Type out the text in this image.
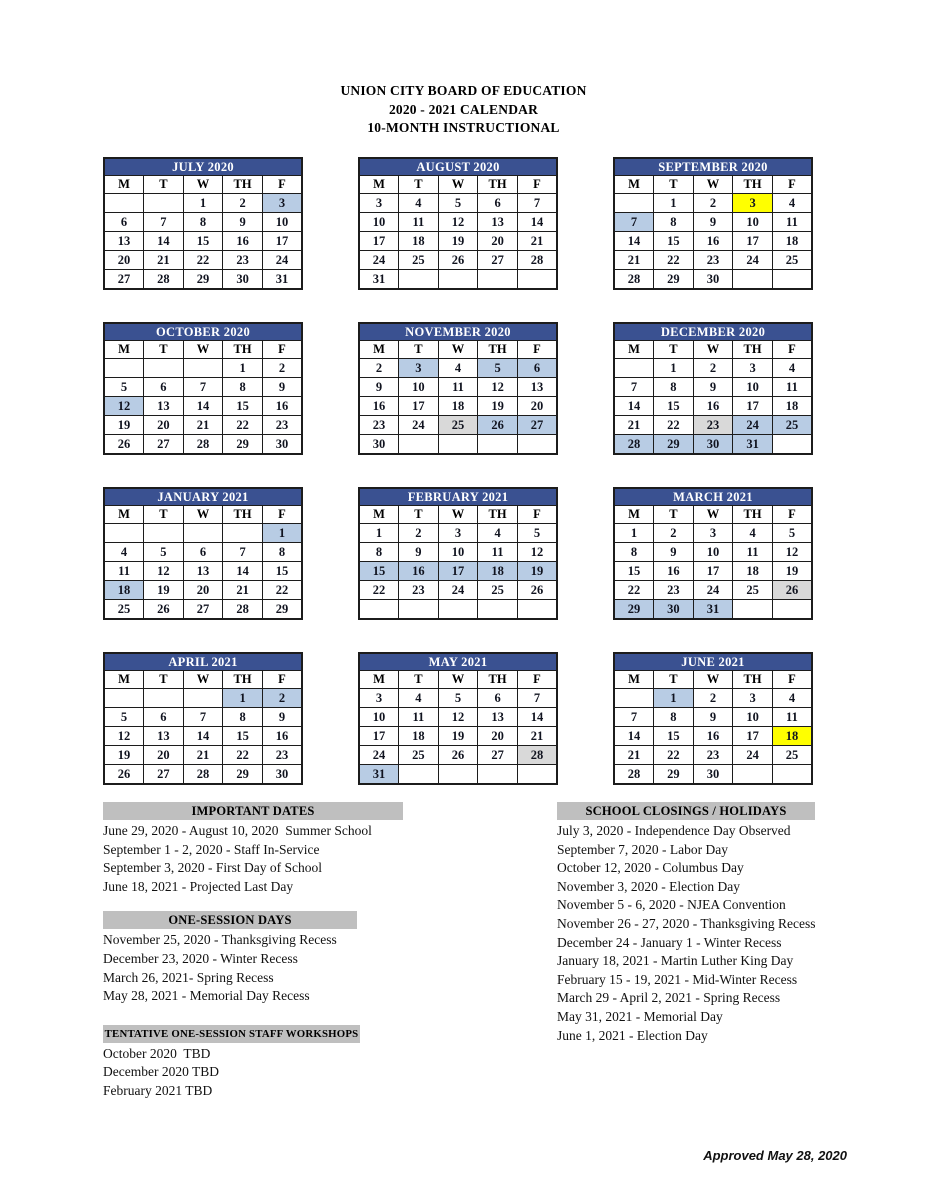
UNION CITY BOARD OF EDUCATION
2020 - 2021 CALENDAR
10-MONTH INSTRUCTIONAL
JULY 2020				
M	T	W	TH	F
		1	2	3
6	7	8	9	10
13	14	15	16	17
20	21	22	23	24
27	28	29	30	31
AUGUST 2020				
M	T	W	TH	F
3	4	5	6	7
10	11	12	13	14
17	18	19	20	21
24	25	26	27	28
31				
SEPTEMBER 2020				
M	T	W	TH	F
	1	2	3	4
7	8	9	10	11
14	15	16	17	18
21	22	23	24	25
28	29	30		
OCTOBER 2020				
M	T	W	TH	F
			1	2
5	6	7	8	9
12	13	14	15	16
19	20	21	22	23
26	27	28	29	30
NOVEMBER 2020				
M	T	W	TH	F
2	3	4	5	6
9	10	11	12	13
16	17	18	19	20
23	24	25	26	27
30				
DECEMBER 2020				
M	T	W	TH	F
	1	2	3	4
7	8	9	10	11
14	15	16	17	18
21	22	23	24	25
28	29	30	31	
JANUARY 2021				
M	T	W	TH	F
				1
4	5	6	7	8
11	12	13	14	15
18	19	20	21	22
25	26	27	28	29
FEBRUARY 2021				
M	T	W	TH	F
1	2	3	4	5
8	9	10	11	12
15	16	17	18	19
22	23	24	25	26

MARCH 2021				
M	T	W	TH	F
1	2	3	4	5
8	9	10	11	12
15	16	17	18	19
22	23	24	25	26
29	30	31		
APRIL 2021				
M	T	W	TH	F
			1	2
5	6	7	8	9
12	13	14	15	16
19	20	21	22	23
26	27	28	29	30
MAY 2021				
M	T	W	TH	F
3	4	5	6	7
10	11	12	13	14
17	18	19	20	21
24	25	26	27	28
31				
JUNE 2021				
M	T	W	TH	F
	1	2	3	4
7	8	9	10	11
14	15	16	17	18
21	22	23	24	25
28	29	30		
IMPORTANT DATES
June 29, 2020 - August 10, 2020  Summer School
September 1 - 2, 2020 - Staff In-Service
September 3, 2020 - First Day of School
June 18, 2021 - Projected Last Day
ONE-SESSION DAYS
November 25, 2020 - Thanksgiving Recess
December 23, 2020 - Winter Recess
March 26, 2021- Spring Recess
May 28, 2021 - Memorial Day Recess
TENTATIVE ONE-SESSION STAFF WORKSHOPS
October 2020  TBD
December 2020 TBD
February 2021 TBD
SCHOOL CLOSINGS / HOLIDAYS
July 3, 2020 - Independence Day Observed
September 7, 2020 - Labor Day
October 12, 2020 - Columbus Day
November 3, 2020 - Election Day
November 5 - 6, 2020 - NJEA Convention
November 26 - 27, 2020 - Thanksgiving Recess
December 24 - January 1 - Winter Recess
January 18, 2021 - Martin Luther King Day
February 15 - 19, 2021 - Mid-Winter Recess
March 29 - April 2, 2021 - Spring Recess
May 31, 2021 - Memorial Day
June 1, 2021 - Election Day
Approved May 28, 2020
